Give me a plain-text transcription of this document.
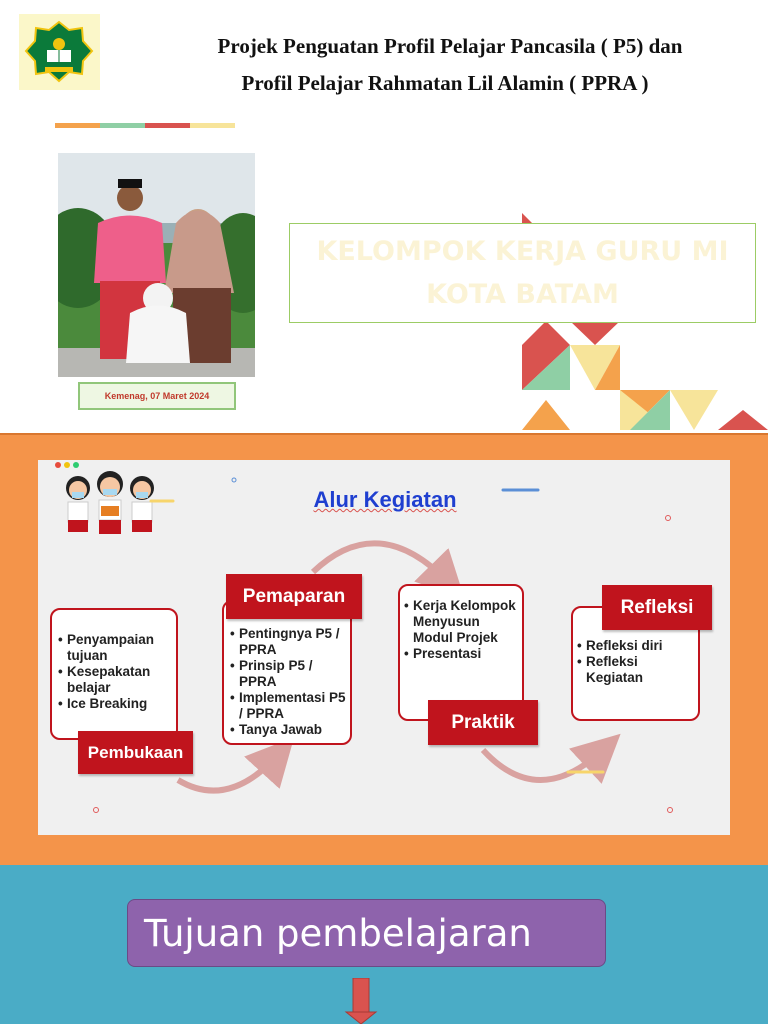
Projek Penguatan Profil Pelajar Pancasila ( P5) dan
Profil Pelajar Rahmatan Lil Alamin ( PPRA )
Kemenag, 07 Maret 2024
KELOMPOK KERJA GURU MI KOTA BATAM
Alur Kegiatan
• Penyampaian tujuan
• Kesepakatan belajar
• Ice Breaking
Pembukaan
• Pentingnya P5 / PPRA
• Prinsip P5 / PPRA
• Implementasi P5 / PPRA
• Tanya Jawab
Pemaparan
•	Kerja Kelompok Menyusun Modul Projek
• Presentasi
Praktik
• Refleksi diri
• Refleksi Kegiatan
Refleksi
Tujuan pembelajaran
